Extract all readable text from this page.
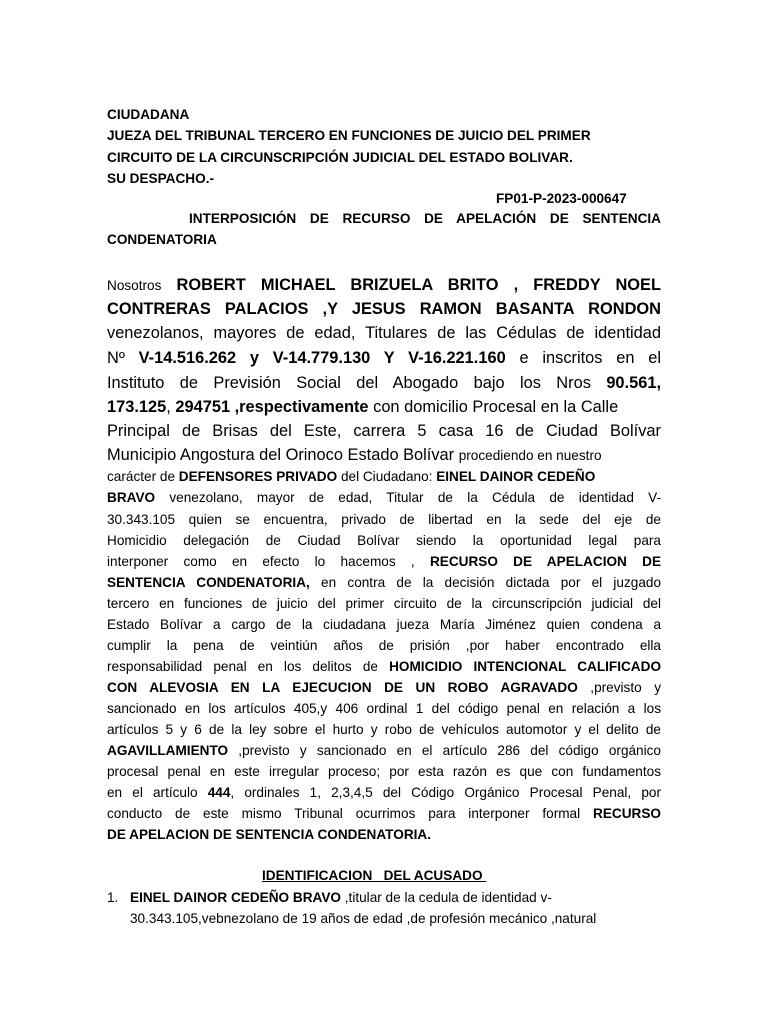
CIUDADANA
JUEZA DEL TRIBUNAL TERCERO EN FUNCIONES DE JUICIO DEL PRIMER
CIRCUITO DE LA CIRCUNSCRIPCIÓN JUDICIAL DEL ESTADO BOLIVAR.
SU DESPACHO.-
FP01-P-2023-000647
INTERPOSICIÓN DE RECURSO DE APELACIÓN DE SENTENCIA
CONDENATORIA
Nosotros ROBERT MICHAEL BRIZUELA BRITO , FREDDY NOEL
CONTRERAS PALACIOS ,Y JESUS RAMON BASANTA RONDON
venezolanos, mayores de edad, Titulares de las Cédulas de identidad
Nº V-14.516.262 y V-14.779.130 Y V-16.221.160 e inscritos en el
Instituto de Previsión Social del Abogado bajo los Nros 90.561,
173.125, 294751 ,respectivamente con domicilio Procesal en la Calle
Principal de Brisas del Este, carrera 5 casa 16 de Ciudad Bolívar
Municipio Angostura del Orinoco Estado Bolívar procediendo en nuestro
carácter de DEFENSORES PRIVADO del Ciudadano: EINEL DAINOR CEDEÑO
BRAVO venezolano, mayor de edad, Titular de la Cédula de identidad V-
30.343.105 quien se encuentra, privado de libertad en la sede del eje de
Homicidio delegación de Ciudad Bolívar siendo la oportunidad legal para
interponer como en efecto lo hacemos , RECURSO DE APELACION DE
SENTENCIA CONDENATORIA, en contra de la decisión dictada por el juzgado
tercero en funciones de juicio del primer circuito de la circunscripción judicial del
Estado Bolívar a cargo de la ciudadana jueza María Jiménez quien condena a
cumplir la pena de veintiún años de prisión ,por haber encontrado ella
responsabilidad penal en los delitos de HOMICIDIO INTENCIONAL CALIFICADO
CON ALEVOSIA EN LA EJECUCION DE UN ROBO AGRAVADO ,previsto y
sancionado en los artículos 405,y 406 ordinal 1 del código penal en relación a los
artículos 5 y 6 de la ley sobre el hurto y robo de vehículos automotor y el delito de
AGAVILLAMIENTO ,previsto y sancionado en el artículo 286 del código orgánico
procesal penal en este irregular proceso; por esta razón es que con fundamentos
en el artículo 444, ordinales 1, 2,3,4,5 del Código Orgánico Procesal Penal, por
conducto de este mismo Tribunal ocurrimos para interponer formal RECURSO
DE APELACION DE SENTENCIA CONDENATORIA.
IDENTIFICACION   DEL ACUSADO
1. EINEL DAINOR CEDEÑO BRAVO ,titular de la cedula de identidad v-
30.343.105,vebnezolano de 19 años de edad ,de profesión mecánico ,natural
